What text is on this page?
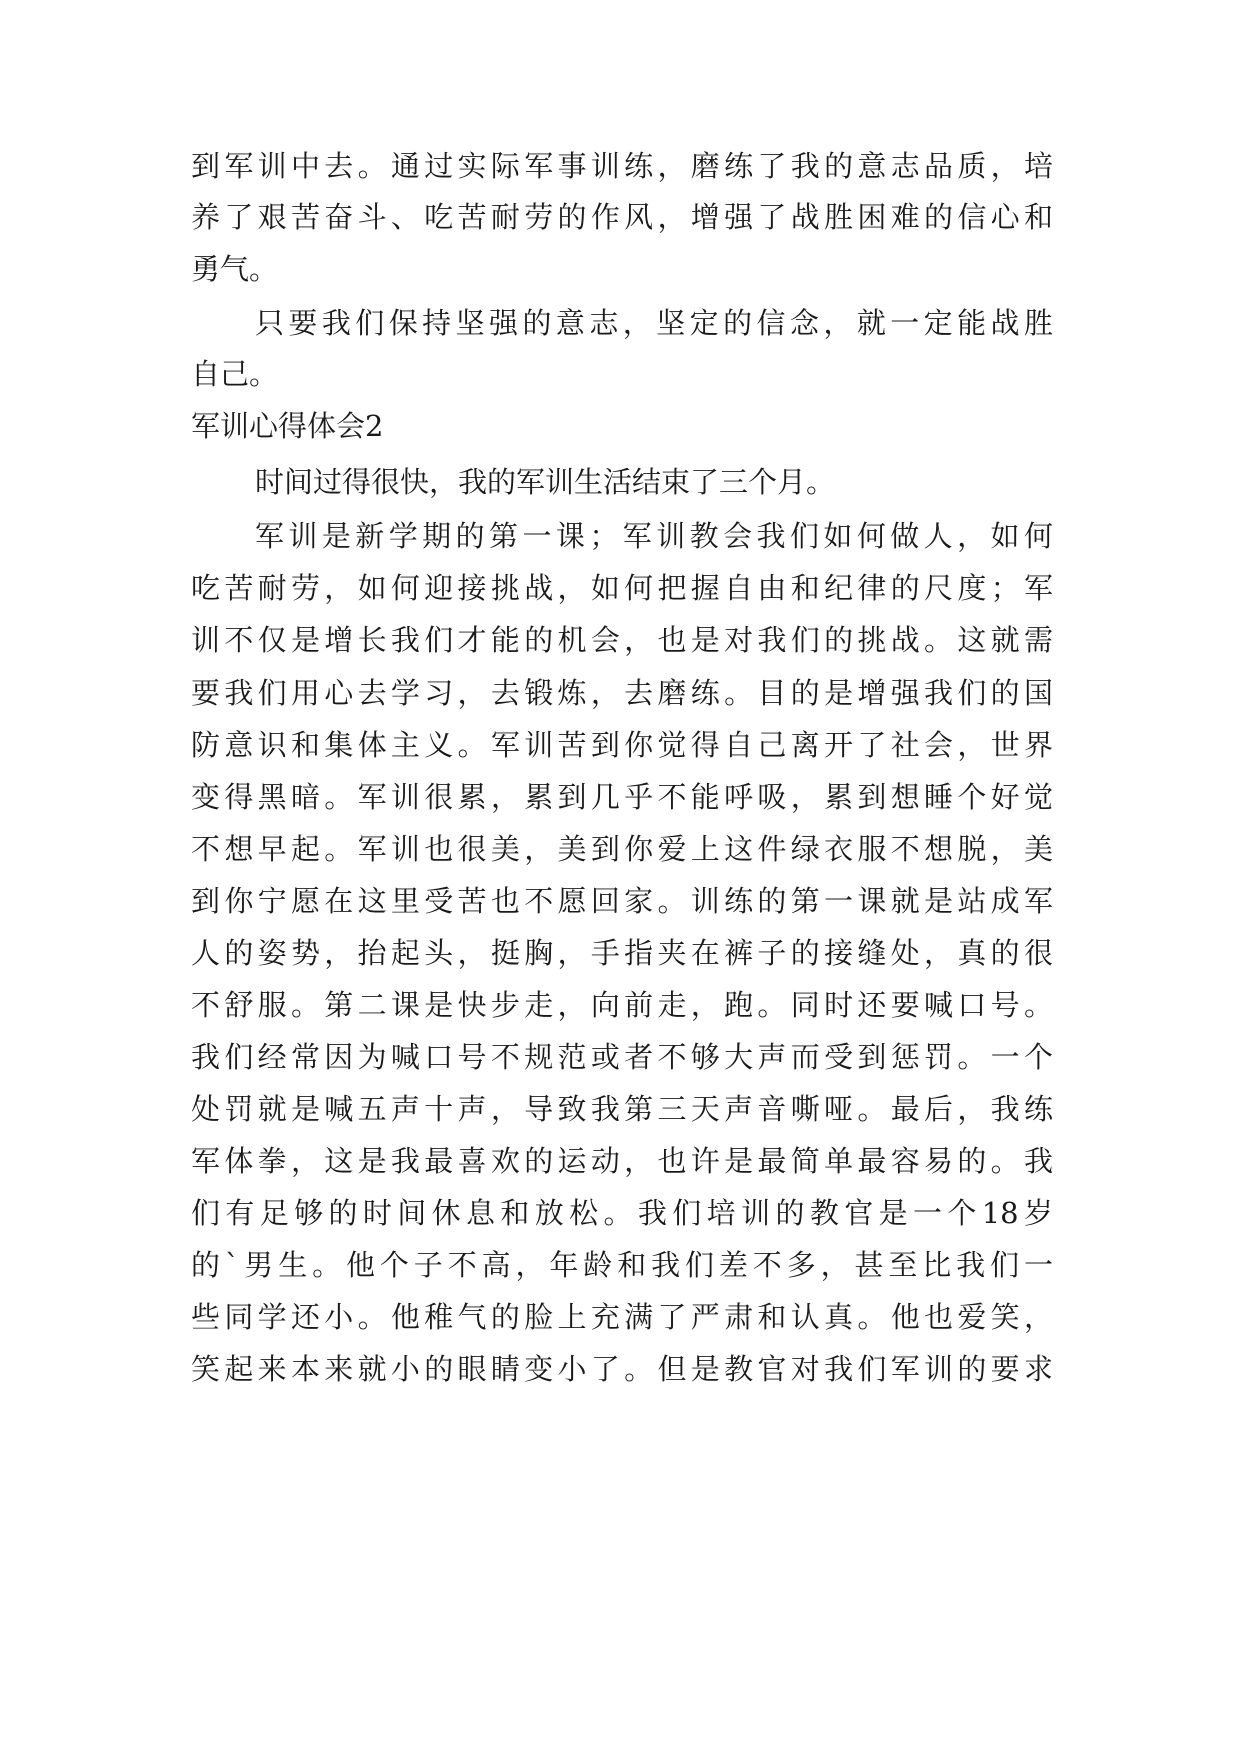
到军训中去。通过实际军事训练，磨练了我的意志品质，培

养了艰苦奋斗、吃苦耐劳的作风，增强了战胜困难的信心和

勇气。

只要我们保持坚强的意志，坚定的信念，就一定能战胜

自己。

军训心得体会2

时间过得很快，我的军训生活结束了三个月。

军训是新学期的第一课；军训教会我们如何做人，如何

吃苦耐劳，如何迎接挑战，如何把握自由和纪律的尺度；军

训不仅是增长我们才能的机会，也是对我们的挑战。这就需

要我们用心去学习，去锻炼，去磨练。目的是增强我们的国

防意识和集体主义。军训苦到你觉得自己离开了社会，世界

变得黑暗。军训很累，累到几乎不能呼吸，累到想睡个好觉

不想早起。军训也很美，美到你爱上这件绿衣服不想脱，美

到你宁愿在这里受苦也不愿回家。训练的第一课就是站成军

人的姿势，抬起头，挺胸，手指夹在裤子的接缝处，真的很

不舒服。第二课是快步走，向前走，跑。同时还要喊口号。

我们经常因为喊口号不规范或者不够大声而受到惩罚。一个

处罚就是喊五声十声，导致我第三天声音嘶哑。最后，我练

军体拳，这是我最喜欢的运动，也许是最简单最容易的。我

们有足够的时间休息和放松。我们培训的教官是一个18岁

的`男生。他个子不高，年龄和我们差不多，甚至比我们一

些同学还小。他稚气的脸上充满了严肃和认真。他也爱笑，

笑起来本来就小的眼睛变小了。但是教官对我们军训的要求
